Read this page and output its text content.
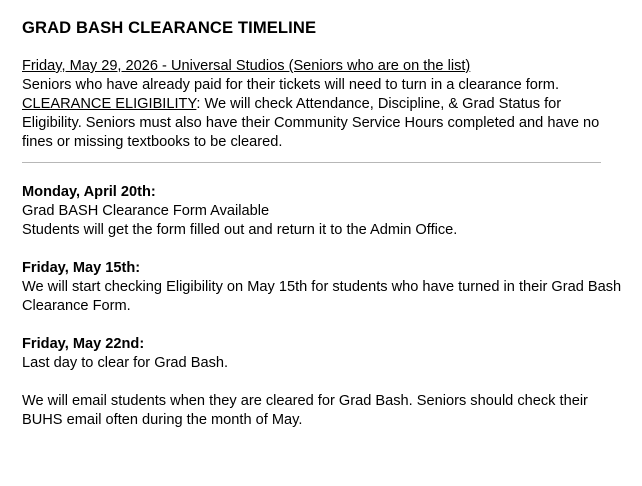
GRAD BASH CLEARANCE TIMELINE
Friday, May 29, 2026 - Universal Studios (Seniors who are on the list)
Seniors who have already paid for their tickets will need to turn in a clearance form.
CLEARANCE ELIGIBILITY: We will check Attendance, Discipline, & Grad Status for
Eligibility. Seniors must also have their Community Service Hours completed and have no
fines or missing textbooks to be cleared.
Monday, April 20th:
Grad BASH Clearance Form Available
Students will get the form filled out and return it to the Admin Office.
Friday, May 15th:
We will start checking Eligibility on May 15th for students who have turned in their Grad Bash
Clearance Form.
Friday, May 22nd:
Last day to clear for Grad Bash.
We will email students when they are cleared for Grad Bash. Seniors should check their
BUHS email often during the month of May.
